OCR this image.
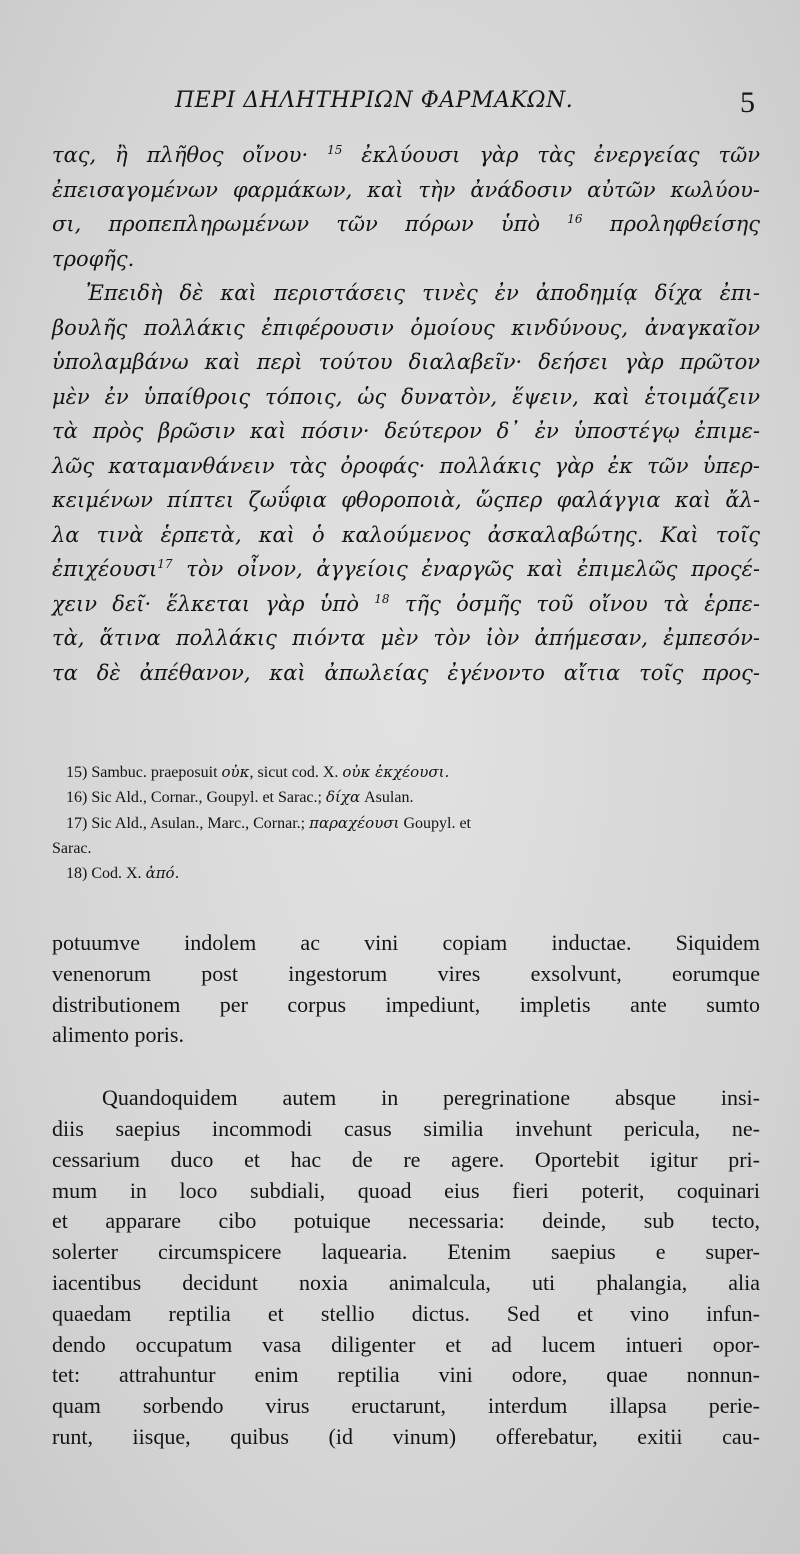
ΠΕΡΙ ΔΗΛΗΤΗΡΙΩΝ ΦΑΡΜΑΚΩΝ.	5
τας, ἢ πλῆθος οἴνου· $^{15}$ ἐκλύουσι γὰρ τὰς ἐνεργείας τῶν
ἐπεισαγομένων φαρμάκων, καὶ τὴν ἀνάδοσιν αὐτῶν κωλύου-
σι, προπεπληρωμένων τῶν πόρων ὑπὸ $^{16}$ προληφθείσης
τροφῆς.
Ἐπειδὴ δὲ καὶ περιστάσεις τινὲς ἐν ἀποδημίᾳ δίχα ἐπι-
βουλῆς πολλάκις ἐπιφέρουσιν ὁμοίους κινδύνους, ἀναγκαῖον
ὑπολαμβάνω καὶ περὶ τούτου διαλαβεῖν· δεήσει γὰρ πρῶτον
μὲν ἐν ὑπαίθροις τόποις, ὡς δυνατὸν, ἕψειν, καὶ ἑτοιμάζειν
τὰ πρὸς βρῶσιν καὶ πόσιν· δεύτερον δ᾽ ἐν ὑποστέγῳ ἐπιμε-
λῶς καταμανθάνειν τὰς ὀροφάς· πολλάκις γὰρ ἐκ τῶν ὑπερ-
κειμένων πίπτει ζωΰφια φθοροποιὰ, ὥςπερ φαλάγγια καὶ ἄλ-
λα τινὰ ἑρπετὰ, καὶ ὁ καλούμενος ἀσκαλαβώτης. Καὶ τοῖς
ἐπιχέουσι$^{17}$ τὸν οἶνον, ἀγγείοις ἐναργῶς καὶ ἐπιμελῶς προςέ-
χειν δεῖ· ἕλκεται γὰρ ὑπὸ $^{18}$ τῆς ὀσμῆς τοῦ οἴνου τὰ ἑρπε-
τὰ, ἅτινα πολλάκις πιόντα μὲν τὸν ἰὸν ἀπήμεσαν, ἐμπεσόν-
τα δὲ ἀπέθανον, καὶ ἀπωλείας ἐγένοντο αἴτια τοῖς προς-
15) Sambuc. praeposuit οὐκ, sicut cod. X. οὐκ ἐκχέουσι.
16) Sic Ald., Cornar., Goupyl. et Sarac.; δίχα Asulan.
17) Sic Ald., Asulan., Marc., Cornar.; παραχέουσι Goupyl. et
Sarac.
18) Cod. X. ἀπό.
potuumve indolem ac vini copiam inductae. Siquidem
venenorum post ingestorum vires exsolvunt, eorumque
distributionem per corpus impediunt, impletis ante sumto
alimento poris.
Quandoquidem autem in peregrinatione absque insi-
diis saepius incommodi casus similia invehunt pericula, ne-
cessarium duco et hac de re agere. Oportebit igitur pri-
mum in loco subdiali, quoad eius fieri poterit, coquinari
et apparare cibo potuique necessaria: deinde, sub tecto,
solerter circumspicere laquearia. Etenim saepius e super-
iacentibus decidunt noxia animalcula, uti phalangia, alia
quaedam reptilia et stellio dictus. Sed et vino infun-
dendo occupatum vasa diligenter et ad lucem intueri opor-
tet: attrahuntur enim reptilia vini odore, quae nonnun-
quam sorbendo virus eructarunt, interdum illapsa perie-
runt, iisque, quibus (id vinum) offerebatur, exitii cau-
